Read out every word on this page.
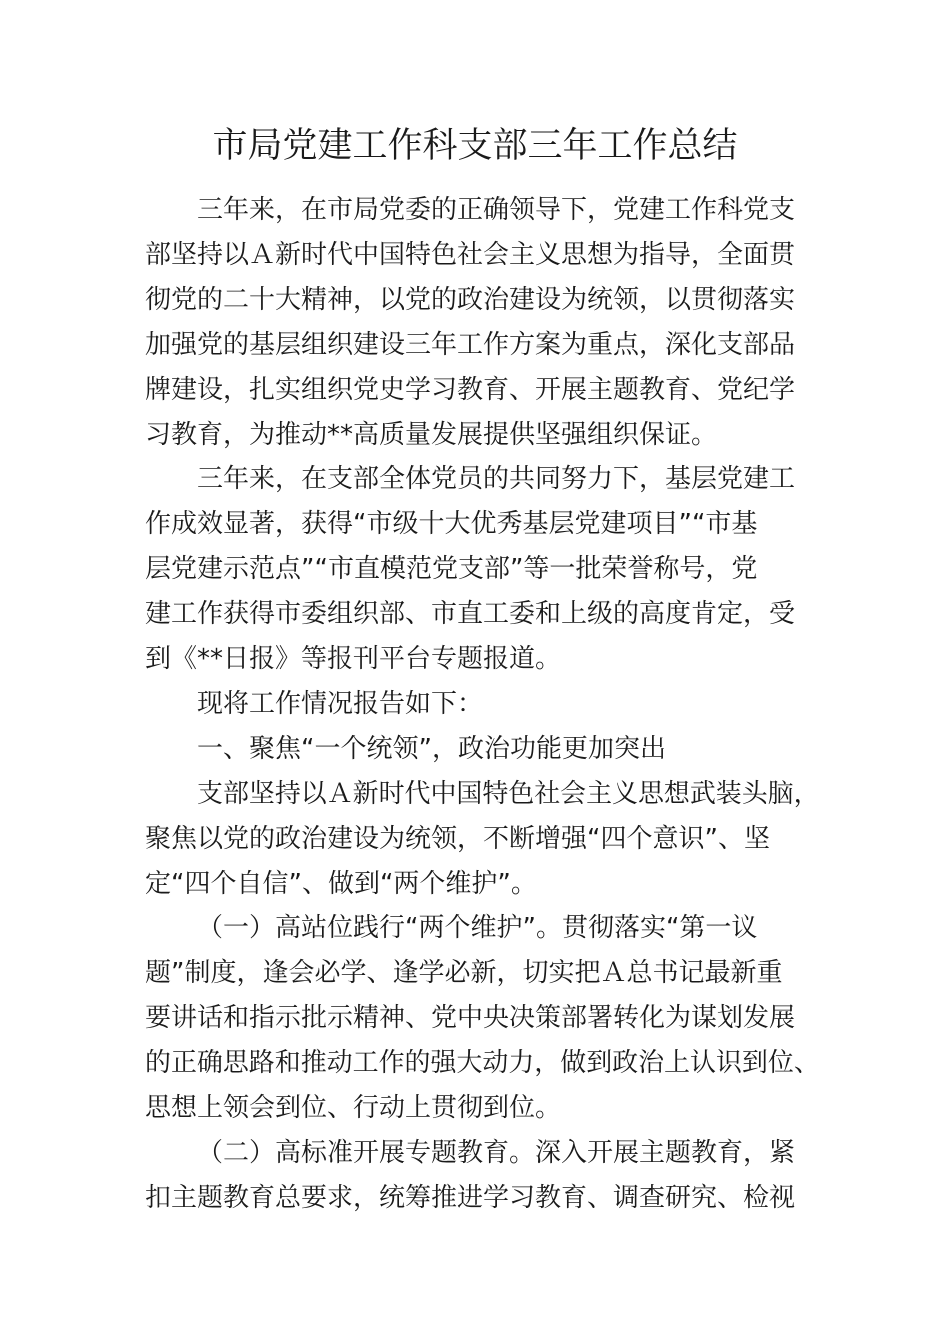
市局党建工作科支部三年工作总结
三年来，在市局党委的正确领导下，党建工作科党支
部坚持以Ａ新时代中国特色社会主义思想为指导，全面贯
彻党的二十大精神，以党的政治建设为统领，以贯彻落实
加强党的基层组织建设三年工作方案为重点，深化支部品
牌建设，扎实组织党史学习教育、开展主题教育、党纪学
习教育，为推动**高质量发展提供坚强组织保证。
三年来，在支部全体党员的共同努力下，基层党建工
作成效显著，获得“市级十大优秀基层党建项目”“市基
层党建示范点”“市直模范党支部”等一批荣誉称号，党
建工作获得市委组织部、市直工委和上级的高度肯定，受
到《**日报》等报刊平台专题报道。
现将工作情况报告如下：
一、聚焦“一个统领”，政治功能更加突出
支部坚持以Ａ新时代中国特色社会主义思想武装头脑，
聚焦以党的政治建设为统领，不断增强“四个意识”、坚
定“四个自信”、做到“两个维护”。
（一）高站位践行“两个维护”。贯彻落实“第一议
题”制度，逢会必学、逢学必新，切实把Ａ总书记最新重
要讲话和指示批示精神、党中央决策部署转化为谋划发展
的正确思路和推动工作的强大动力，做到政治上认识到位、
思想上领会到位、行动上贯彻到位。
（二）高标准开展专题教育。深入开展主题教育，紧
扣主题教育总要求，统筹推进学习教育、调查研究、检视
